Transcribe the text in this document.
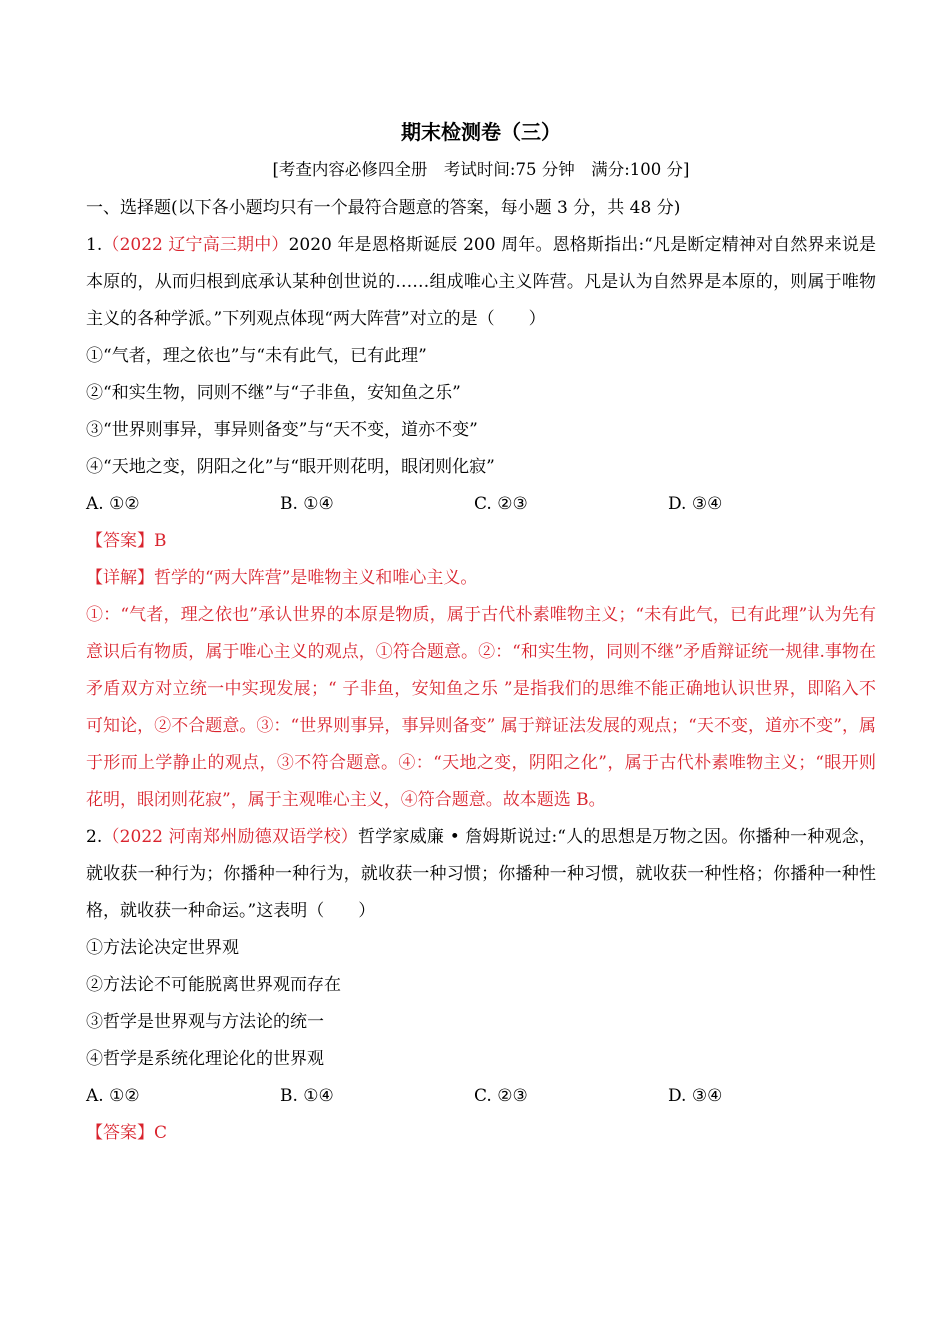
期末检测卷（三）

[考查内容必修四全册　考试时间:75 分钟　满分:100 分]

一、选择题(以下各小题均只有一个最符合题意的答案，每小题 3 分，共 48 分)

1.（2022 辽宁高三期中）2020 年是恩格斯诞辰 200 周年。恩格斯指出:“凡是断定精神对自然界来说是本原的，从而归根到底承认某种创世说的……组成唯心主义阵营。凡是认为自然界是本原的，则属于唯物主义的各种学派。”下列观点体现“两大阵营”对立的是（　　）

①“气者，理之依也”与“未有此气，已有此理”

②“和实生物，同则不继”与“子非鱼，安知鱼之乐”

③“世界则事异，事异则备变”与“天不变，道亦不变”

④“天地之变，阴阳之化”与“眼开则花明，眼闭则化寂”

A. ①②	B. ①④	C. ②③	D. ③④

【答案】B

【详解】哲学的“两大阵营”是唯物主义和唯心主义。

①：“气者，理之依也”承认世界的本原是物质，属于古代朴素唯物主义；“未有此气，已有此理”认为先有意识后有物质，属于唯心主义的观点，①符合题意。②：“和实生物，同则不继”矛盾辩证统一规律.事物在矛盾双方对立统一中实现发展；“ 子非鱼，安知鱼之乐 ”是指我们的思维不能正确地认识世界，即陷入不可知论，②不合题意。③：“世界则事异，事异则备变” 属于辩证法发展的观点；“天不变，道亦不变”，属于形而上学静止的观点，③不符合题意。④：“天地之变，阴阳之化”，属于古代朴素唯物主义；“眼开则花明，眼闭则花寂”，属于主观唯心主义，④符合题意。故本题选 B。

2.（2022 河南郑州励德双语学校）哲学家威廉 • 詹姆斯说过:“人的思想是万物之因。你播种一种观念，就收获一种行为；你播种一种行为，就收获一种习惯；你播种一种习惯，就收获一种性格；你播种一种性格，就收获一种命运。”这表明（　　）

①方法论决定世界观

②方法论不可能脱离世界观而存在

③哲学是世界观与方法论的统一

④哲学是系统化理论化的世界观

A. ①②	B. ①④	C. ②③	D. ③④

【答案】C
